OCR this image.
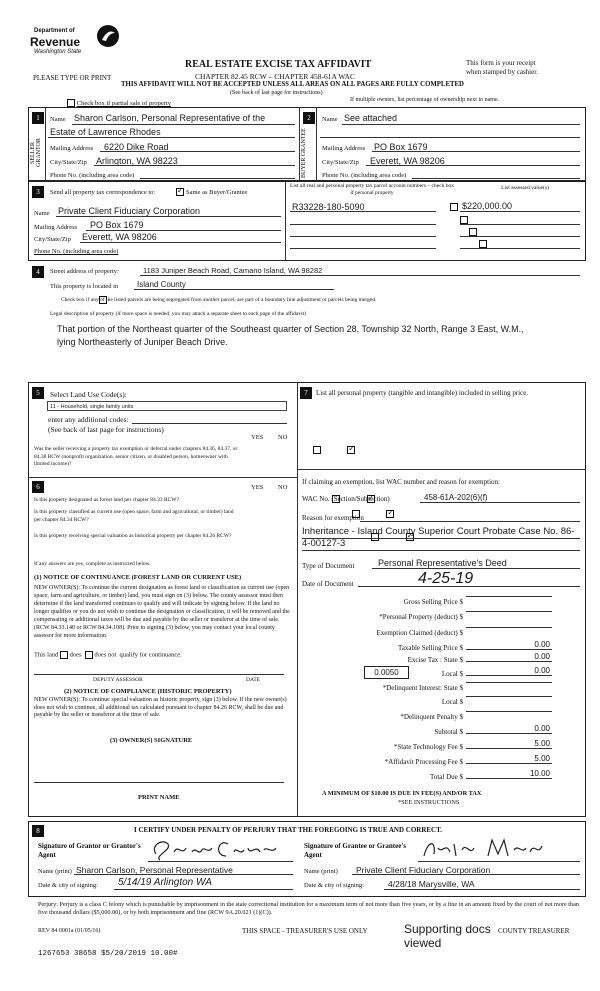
Department of
Revenue
Washington State
PLEASE TYPE OR PRINT
REAL ESTATE EXCISE TAX AFFIDAVIT
CHAPTER 82.45 RCW – CHAPTER 458-61A WAC
THIS AFFIDAVIT WILL NOT BE ACCEPTED UNLESS ALL AREAS ON ALL PAGES ARE FULLY COMPLETED
(See back of last page for instructions)
This form is your receipt
when stamped by cashier.
Check box if partial sale of property	If multiple owners, list percentage of ownership next to name.
1
SELLER GRANTOR
Name Sharon Carlson, Personal Representative of the
Estate of Lawrence Rhodes
Mailing Address 6220 Dike Road
City/State/Zip Arlington, WA 98223
Phone No. (including area code)
2
BUYER GRANTEE
Name See attached
Mailing Address PO Box 1679
City/State/Zip Everett, WA 98206
Phone No. (including area code)
3	Send all property tax correspondence to:
✓	Same as Buyer/Grantee
Name Private Client Fiduciary Corporation
Mailing Address PO Box 1679
City/State/Zip Everett, WA 98206
Phone No. (including area code)
List all real and personal property tax parcel account numbers – check box if personal property
List assessed value(s)
R33228-180-5090	$220,000.00

4	Street address of property:	1183 Juniper Beach Road, Camano Island, WA 98282
This property is located in Island County

Check box if any of the listed parcels are being segregated from another parcel, are part of a boundary line adjustment or parcels being merged.
Legal description of property (if more space is needed, you may attach a separate sheet to each page of the affidavit)
That portion of the Northeast quarter of the Southeast quarter of Section 28, Township 32 North, Range 3 East, W.M., lying Northeasterly of Juniper Beach Drive.
5	Select Land Use Code(s):
11 - Household, single family units
enter any additional codes:
(See back of last page for instructions)
YES NO
Was the seller receiving a property tax exemption or deferral under chapters 84.36, 84.37, or 84.38 RCW (nonprofit organization, senior citizen, or disabled person, homeowner with limited income)?
✓
6	YES NO
Is this property designated as forest land per chapter 84.33 RCW?
✓
Is this property classified as current use (open space, farm and agricultural, or timber) land per chapter 84.34 RCW?
✓
Is this property receiving special valuation as historical property per chapter 84.26 RCW?
✓
If any answers are yes, complete as instructed below.
(1) NOTICE OF CONTINUANCE (FOREST LAND OR CURRENT USE)
NEW OWNER(S): To continue the current designation as forest land or classification as current use (open space, farm and agriculture, or timber) land, you must sign on (3) below. The county assessor must then determine if the land transferred continues to qualify and will indicate by signing below. If the land no longer qualifies or you do not wish to continue the designation or classification, it will be removed and the compensating or additional taxes will be due and payable by the seller or transferor at the time of sale. (RCW 84.33.140 or RCW 84.34.108). Prior to signing (3) below, you may contact your local county assessor for more information.
This land does does not qualify for continuance.
DEPUTY ASSESSOR	DATE
(2) NOTICE OF COMPLIANCE (HISTORIC PROPERTY)
NEW OWNER(S): To continue special valuation as historic property, sign (3) below. If the new owner(s) does not wish to continue, all additional tax calculated pursuant to chapter 84.26 RCW, shall be due and payable by the seller or transferor at the time of sale.
(3) OWNER(S) SIGNATURE
PRINT NAME
7	List all personal property (tangible and intangible) included in selling price.
If claiming an exemption, list WAC number and reason for exemption:
WAC No. (Section/Subsection)	458-61A-202(6)(f)
Reason for exemption
Inheritance - Island County Superior Court Probate Case No. 86-4-00127-3
Type of Document	Personal Representative's Deed
Date of Document	4-25-19
Gross Selling Price $
*Personal Property (deduct) $
Exemption Claimed (deduct) $
Taxable Selling Price $	0.00
Excise Tax : State $	0.00
0.0050	Local $	0.00
*Delinquent Interest: State $
Local $
*Delinquent Penalty $
Subtotal $	0.00
*State Technology Fee $	5.00
*Affidavit Processing Fee $	5.00
Total Due $	10.00
A MINIMUM OF $10.00 IS DUE IN FEE(S) AND/OR TAX
*SEE INSTRUCTIONS
8	I CERTIFY UNDER PENALTY OF PERJURY THAT THE FOREGOING IS TRUE AND CORRECT.
Signature of Grantor or Grantor's Agent
Name (print) Sharon Carlson, Personal Representative
Date & city of signing: 5/14/19 Arlington WA
Signature of Grantee or Grantee's Agent
Name (print) Private Client Fiduciary Corporation
Date & city of signing:	4/28/18 Marysville, WA
Perjury: Perjury is a class C felony which is punishable by imprisonment in the state correctional institution for a maximum term of not more than five years, or by a fine in an amount fixed by the court of not more than five thousand dollars ($5,000.00), or by both imprisonment and fine (RCW 9A.20.021 (1)(C)).
REV 84 0001a (01/05/16)	THIS SPACE - TREASURER'S USE ONLY	COUNTY TREASURER
1267653 38658 $5/20/2019 10.00#
Supporting docs viewed
